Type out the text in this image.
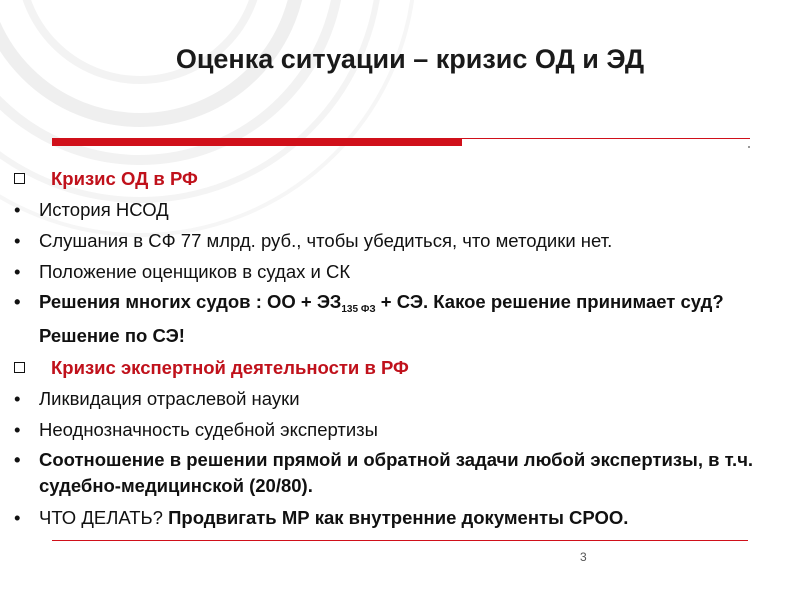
Оценка ситуации – кризис ОД и ЭД
Кризис ОД в РФ
•	История НСОД
•	Слушания в СФ 77 млрд. руб., чтобы убедиться, что методики нет.
•	Положение оценщиков в судах и СК
•	Решения многих судов : ОО + $ЭЗ_{135 ФЗ}$ + СЭ. Какое решение принимает суд? Решение по СЭ!
Кризис экспертной деятельности в РФ
•	Ликвидация отраслевой науки
•	Неоднозначность судебной экспертизы
•	Соотношение в решении прямой и обратной задачи любой экспертизы, в т.ч. судебно-медицинской (20/80).
•	ЧТО ДЕЛАТЬ? Продвигать МР как внутренние документы СРОО.
3
